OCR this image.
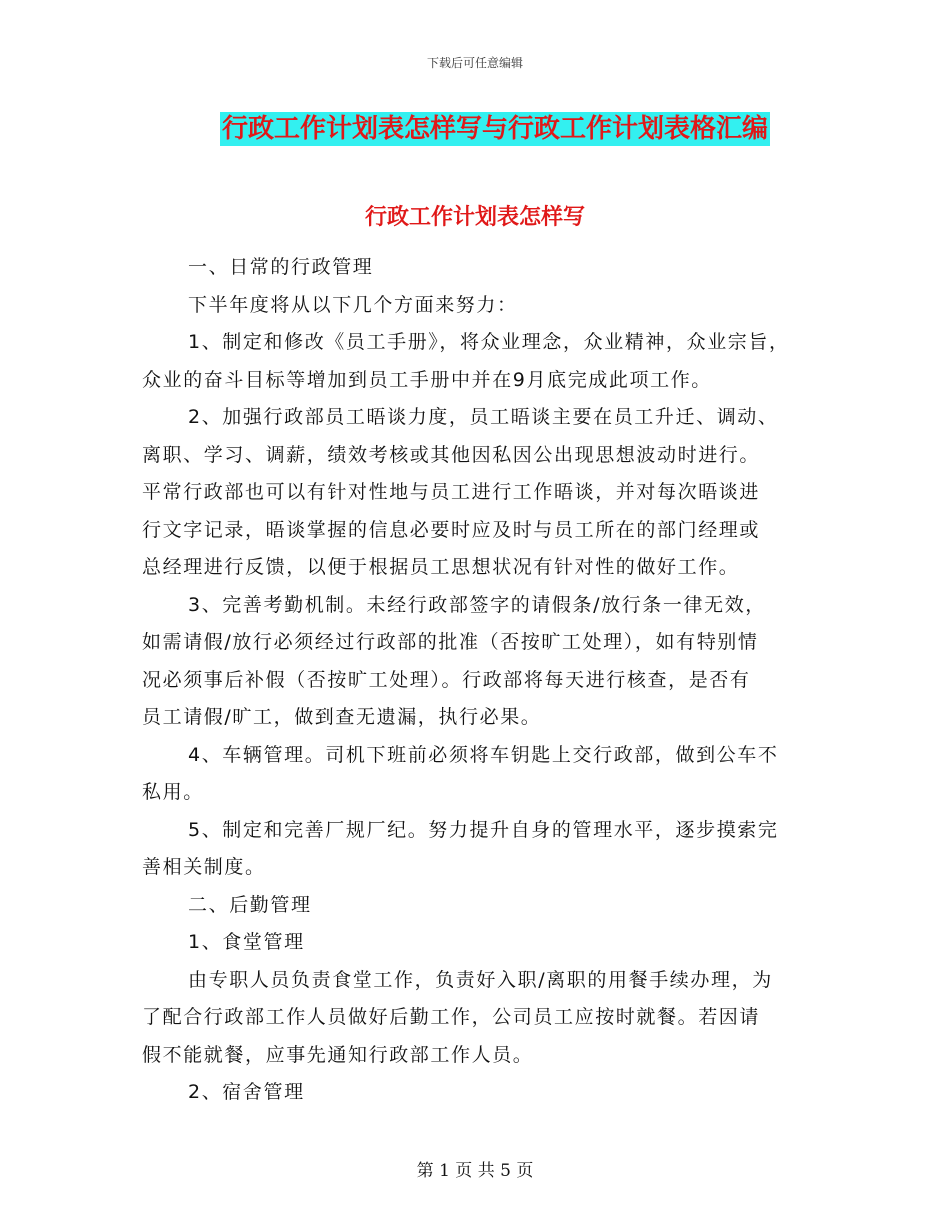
下载后可任意编辑
行政工作计划表怎样写与行政工作计划表格汇编
行政工作计划表怎样写
一、日常的行政管理
下半年度将从以下几个方面来努力：
1、制定和修改《员工手册》，将众业理念，众业精神，众业宗旨，
众业的奋斗目标等增加到员工手册中并在9月底完成此项工作。
2、加强行政部员工晤谈力度，员工晤谈主要在员工升迁、调动、
离职、学习、调薪，绩效考核或其他因私因公出现思想波动时进行。
平常行政部也可以有针对性地与员工进行工作晤谈，并对每次晤谈进
行文字记录，晤谈掌握的信息必要时应及时与员工所在的部门经理或
总经理进行反馈，以便于根据员工思想状况有针对性的做好工作。
3、完善考勤机制。未经行政部签字的请假条/放行条一律无效，
如需请假/放行必须经过行政部的批准（否按旷工处理），如有特别情
况必须事后补假（否按旷工处理）。行政部将每天进行核查，是否有
员工请假/旷工，做到查无遗漏，执行必果。
4、车辆管理。司机下班前必须将车钥匙上交行政部，做到公车不
私用。
5、制定和完善厂规厂纪。努力提升自身的管理水平，逐步摸索完
善相关制度。
二、后勤管理
1、食堂管理
由专职人员负责食堂工作，负责好入职/离职的用餐手续办理，为
了配合行政部工作人员做好后勤工作，公司员工应按时就餐。若因请
假不能就餐，应事先通知行政部工作人员。
2、宿舍管理
第 1 页 共 5 页
